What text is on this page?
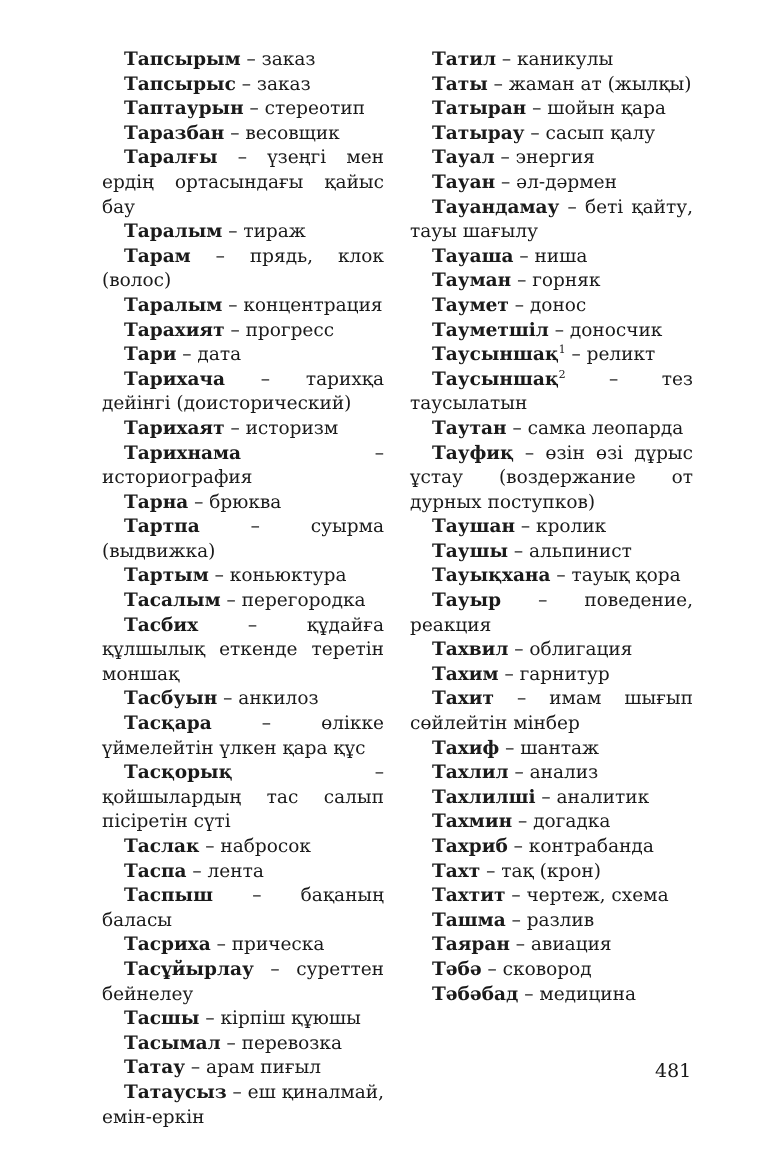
Тапсырым – заказ

Тапсырыс – заказ

Таптаурын – стереотип

Таразбан – весовщик

Таралғы – үзеңгі мен ердің ортасындағы қайыс бау

Таралым – тираж

Тарам – прядь, клок (волос)

Таралым – концентрация

Тарахият – прогресс

Тари – дата

Тарихача – тарихқа дейінгі (доисторический)

Тарихаят – историзм

Тарихнама – историография

Тарна – брюква

Тартпа – суырма (выдвижка)

Тартым – коньюктура

Тасалым – перегородка

Тасбих – құдайға құлшылық еткенде теретін моншақ

Тасбуын – анкилоз

Тасқара – өлікке үймелейтін үлкен қара құс

Тасқорық – қойшылардың тас салып пісіретін сүті

Таслак – набросок

Таспа – лента

Таспыш – бақаның баласы

Тасриха – прическа

Тасұйырлау – суреттен бейнелеу

Тасшы – кірпіш құюшы

Тасымал – перевозка

Татау – арам пиғыл

Татаусыз – еш қиналмай, емін-еркін

Татил – каникулы

Таты – жаман ат (жылқы)

Татыран – шойын қара

Татырау – сасып қалу

Тауал – энергия

Тауан – әл-дәрмен

Тауандамау – беті қайту, тауы шағылу

Тауаша – ниша

Тауман – горняк

Таумет – донос

Тауметшіл – доносчик

Таусыншақ$^1$ – реликт

Таусыншақ$^2$ – тез таусылатын

Таутан – самка леопарда

Тауфиқ – өзін өзі дұрыс ұстау (воздержание от дурных поступков)

Таушан – кролик

Таушы – альпинист

Тауықхана – тауық қора

Тауыр – поведение, реакция

Тахвил – облигация

Тахим – гарнитур

Тахит – имам шығып сөйлейтін мінбер

Тахиф – шантаж

Тахлил – анализ

Тахлилші – аналитик

Тахмин – догадка

Тахриб – контрабанда

Тахт – тақ (крон)

Тахтит – чертеж, схема

Ташма – разлив

Таяран – авиация

Тәбә – сковород

Тәбәбад – медицина

481
